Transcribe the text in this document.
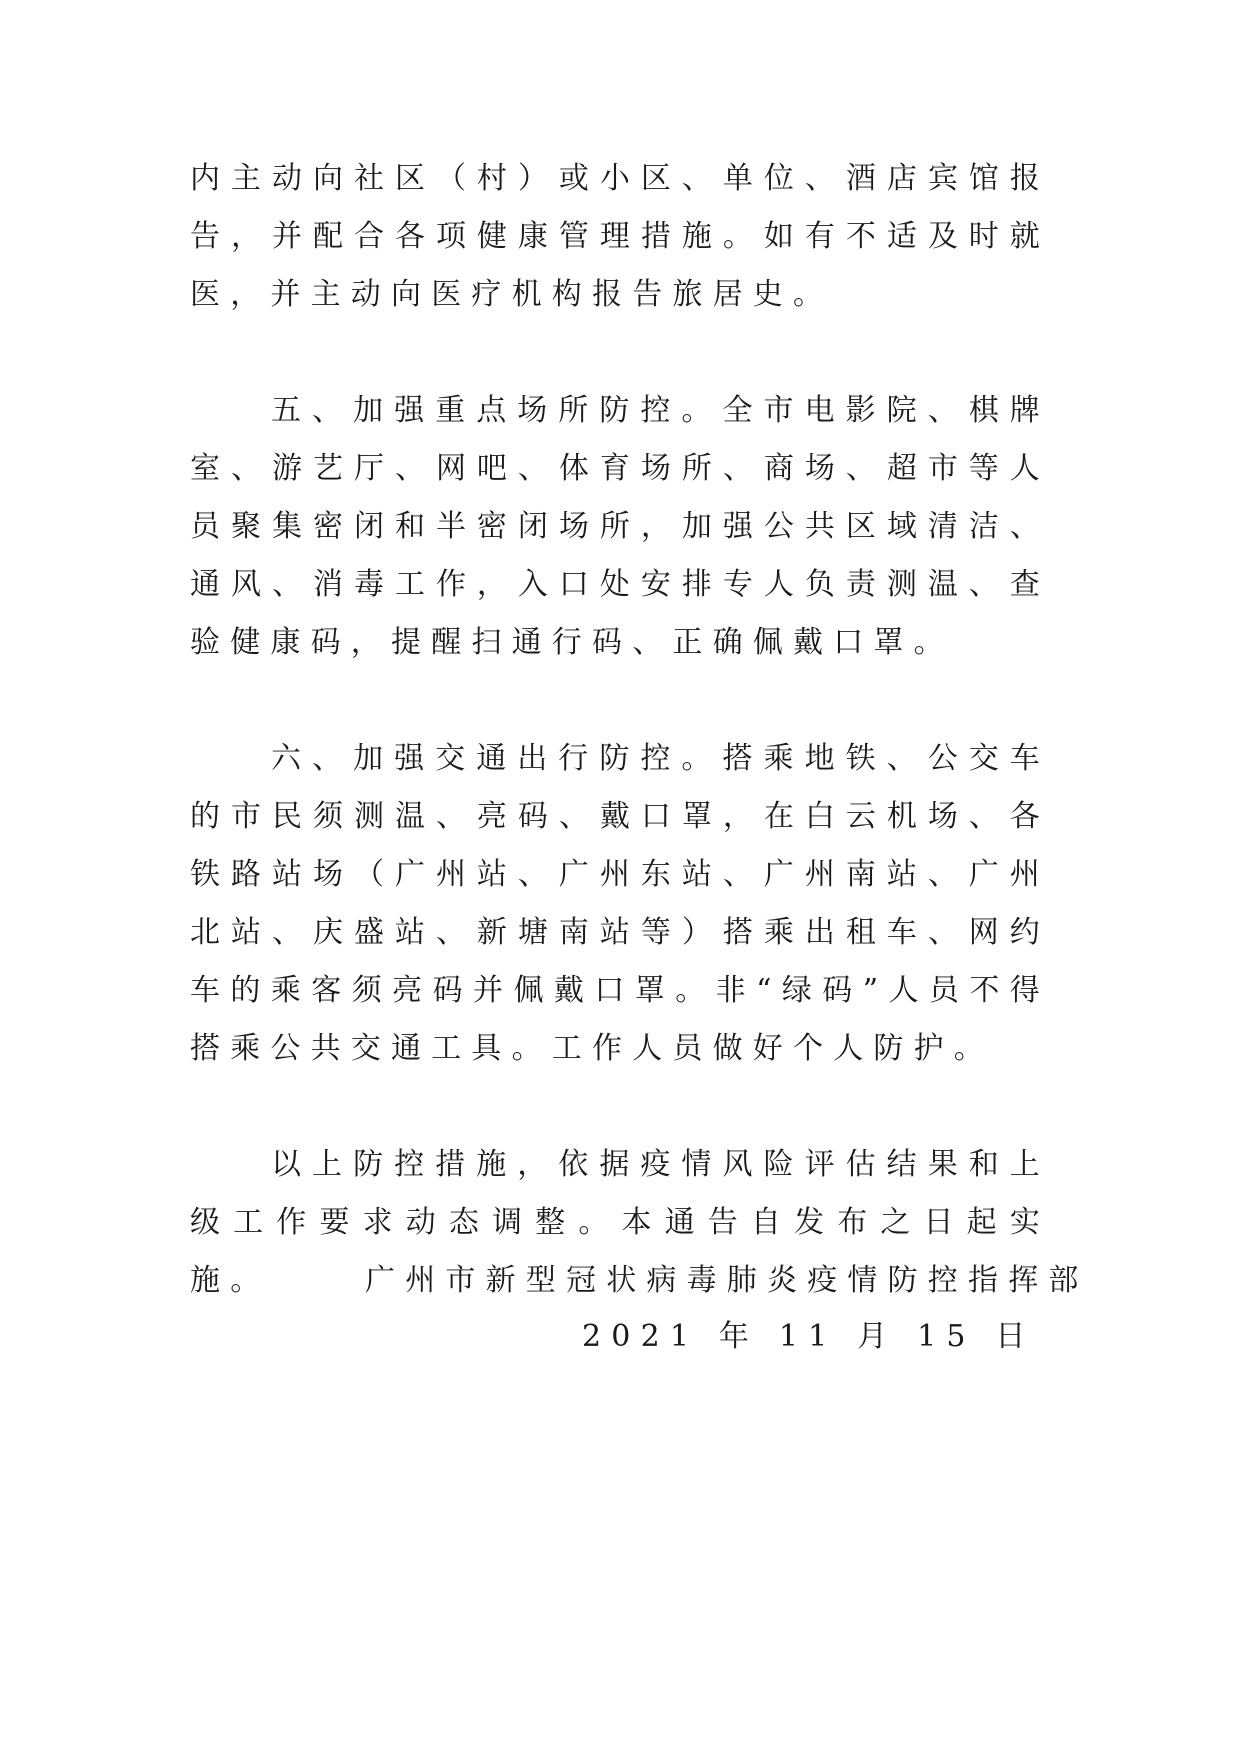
内主动向社区（村）或小区、单位、酒店宾馆报告，并配合各项健康管理措施。如有不适及时就医，并主动向医疗机构报告旅居史。

五、加强重点场所防控。全市电影院、棋牌室、游艺厅、网吧、体育场所、商场、超市等人员聚集密闭和半密闭场所，加强公共区域清洁、通风、消毒工作，入口处安排专人负责测温、查验健康码，提醒扫通行码、正确佩戴口罩。

六、加强交通出行防控。搭乘地铁、公交车的市民须测温、亮码、戴口罩，在白云机场、各铁路站场（广州站、广州东站、广州南站、广州北站、庆盛站、新塘南站等）搭乘出租车、网约车的乘客须亮码并佩戴口罩。非“绿码”人员不得搭乘公共交通工具。工作人员做好个人防护。

以上防控措施，依据疫情风险评估结果和上级工作要求动态调整。本通告自发布之日起实施。	广州市新型冠状病毒肺炎疫情防控指挥部
2021 年 11 月 15 日
